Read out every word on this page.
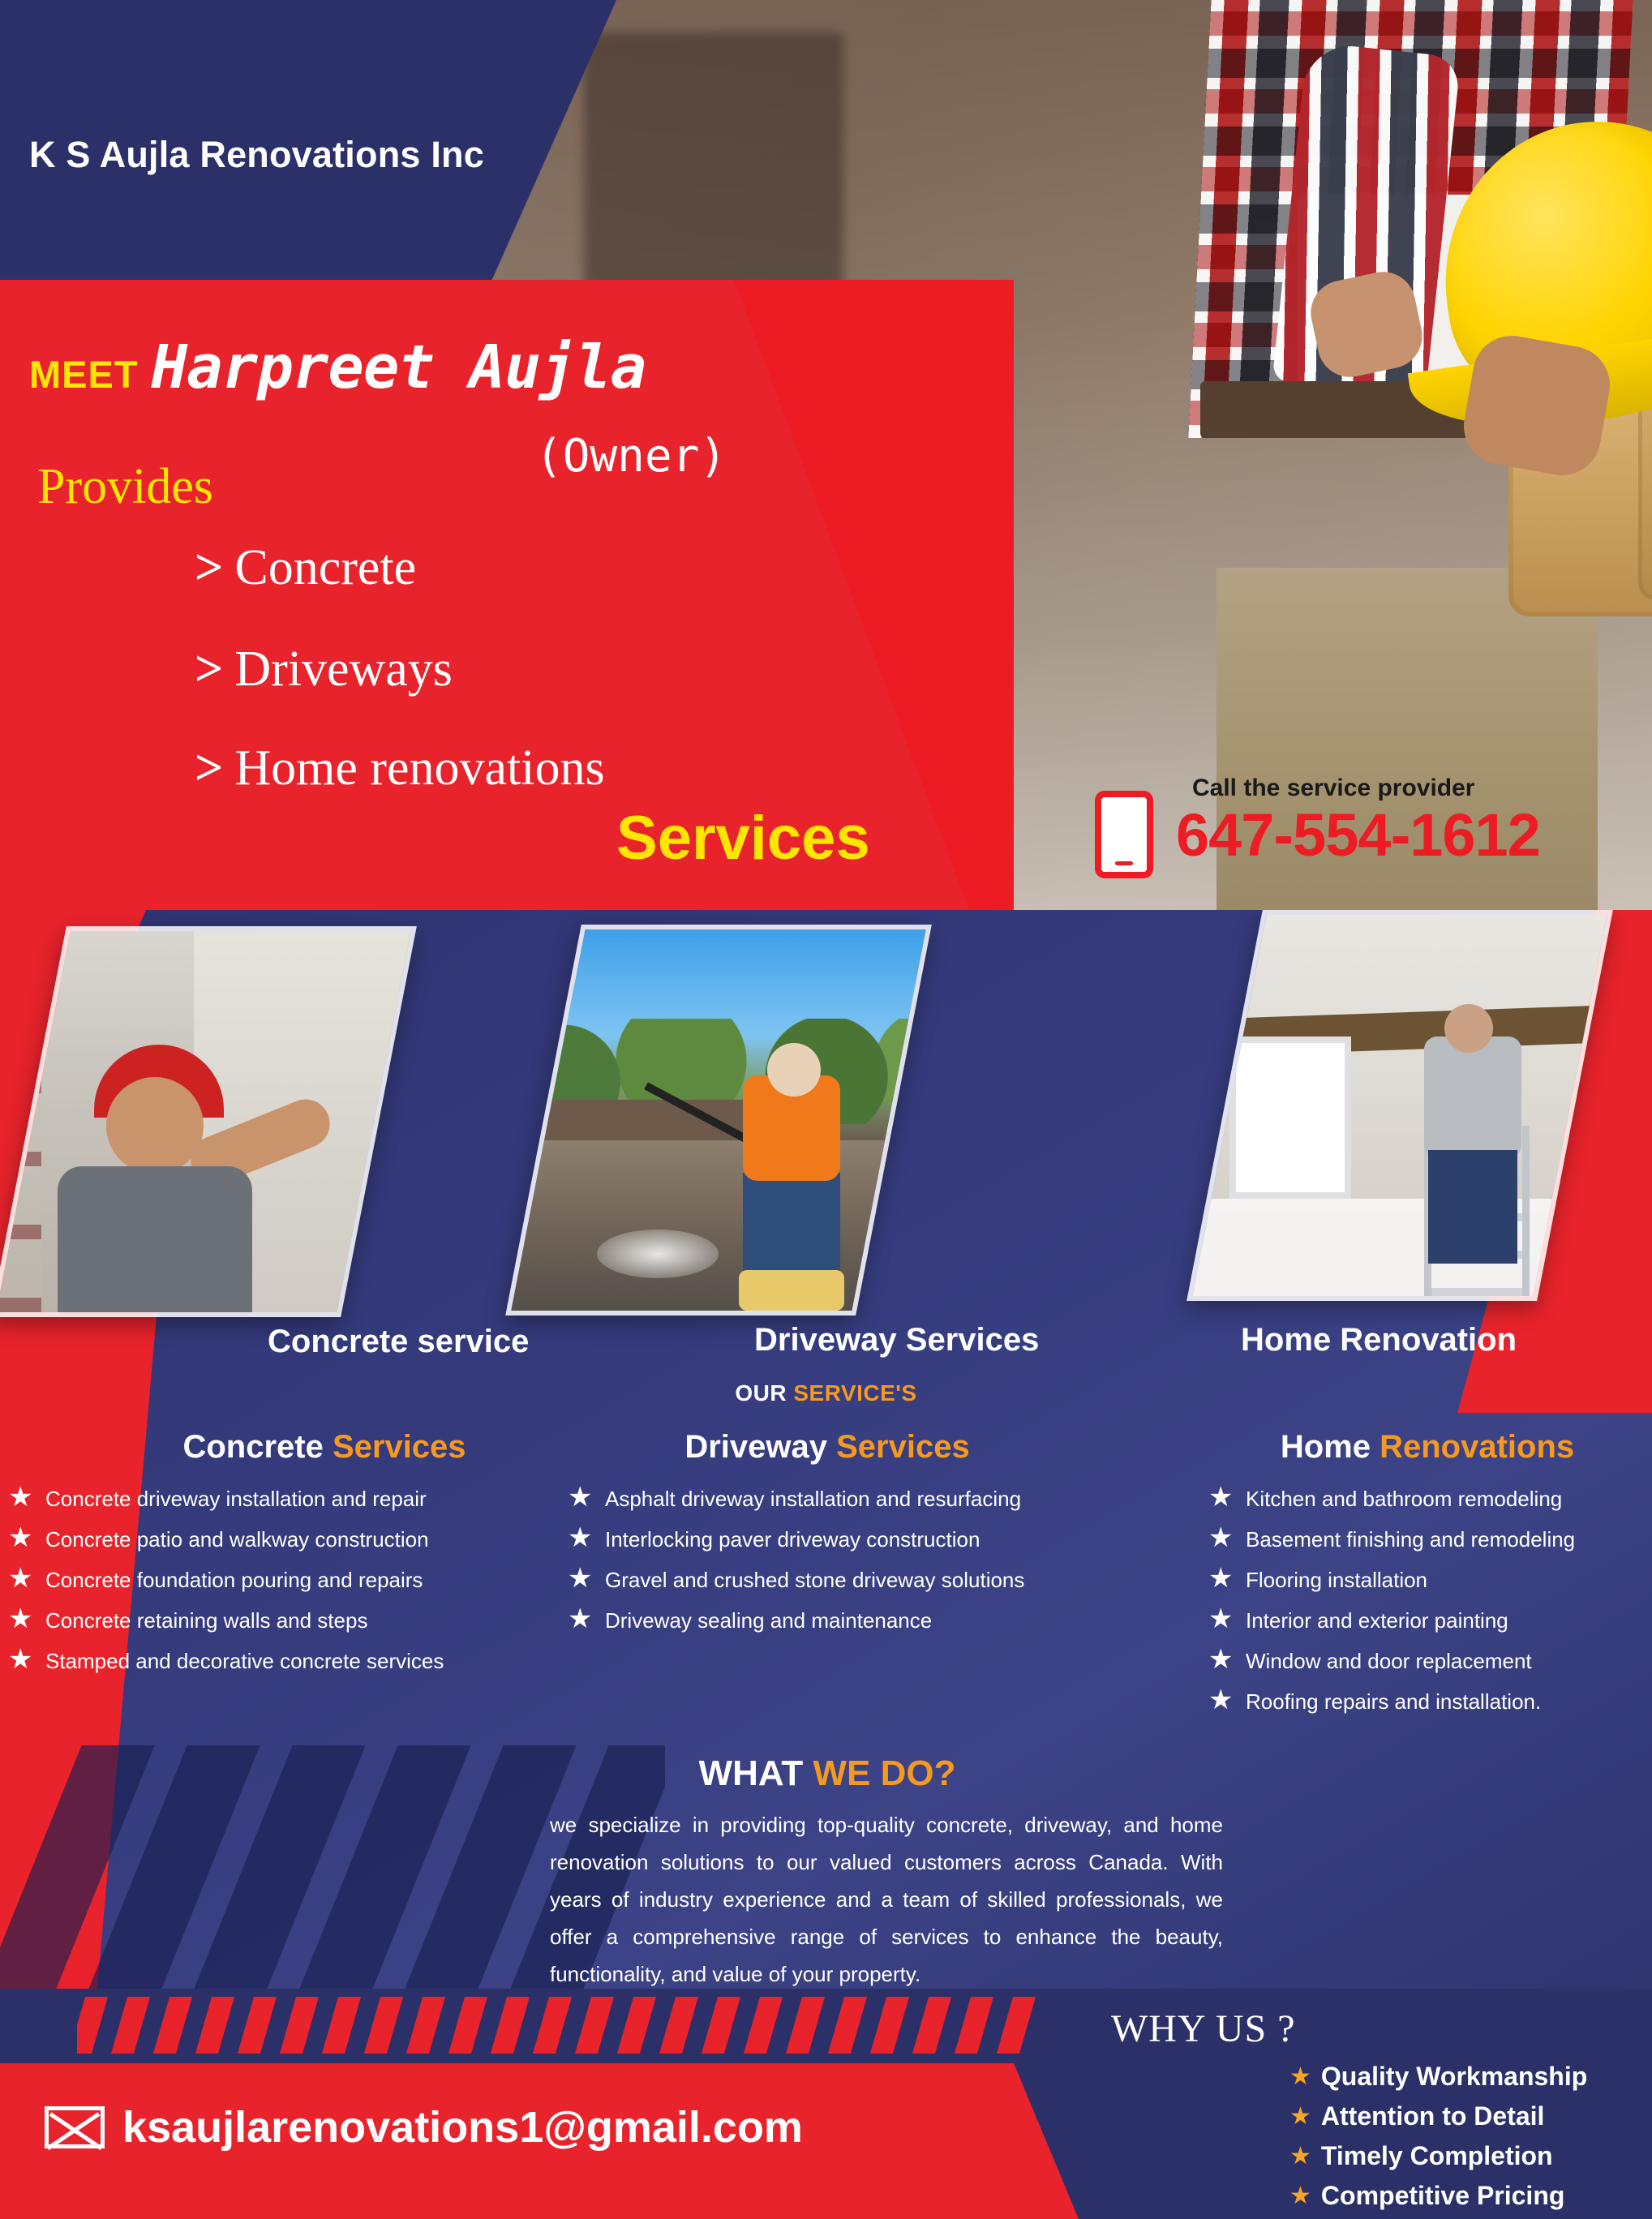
K S Aujla Renovations Inc
MEET Harpreet Aujla
(Owner)
Provides
> Concrete
> Driveways
> Home renovations
Services
Call the service provider
647-554-1612
Concrete service	Driveway Services	Home Renovation
OUR SERVICE'S
Concrete Services
★ Concrete driveway installation and repair
★ Concrete patio and walkway construction
★ Concrete foundation pouring and repairs
★ Concrete retaining walls and steps
★ Stamped and decorative concrete services
Driveway Services
★ Asphalt driveway installation and resurfacing
★ Interlocking paver driveway construction
★ Gravel and crushed stone driveway solutions
★ Driveway sealing and maintenance
Home Renovations
★ Kitchen and bathroom remodeling
★ Basement finishing and remodeling
★ Flooring installation
★ Interior and exterior painting
★ Window and door replacement
★ Roofing repairs and installation.
WHAT WE DO?
we specialize in providing top-quality concrete, driveway, and home renovation solutions to our valued customers across Canada. With years of industry experience and a team of skilled professionals, we offer a comprehensive range of services to enhance the beauty, functionality, and value of your property.
ksaujlarenovations1@gmail.com
WHY US ?
★ Quality Workmanship
★ Attention to Detail
★ Timely Completion
★ Competitive Pricing
